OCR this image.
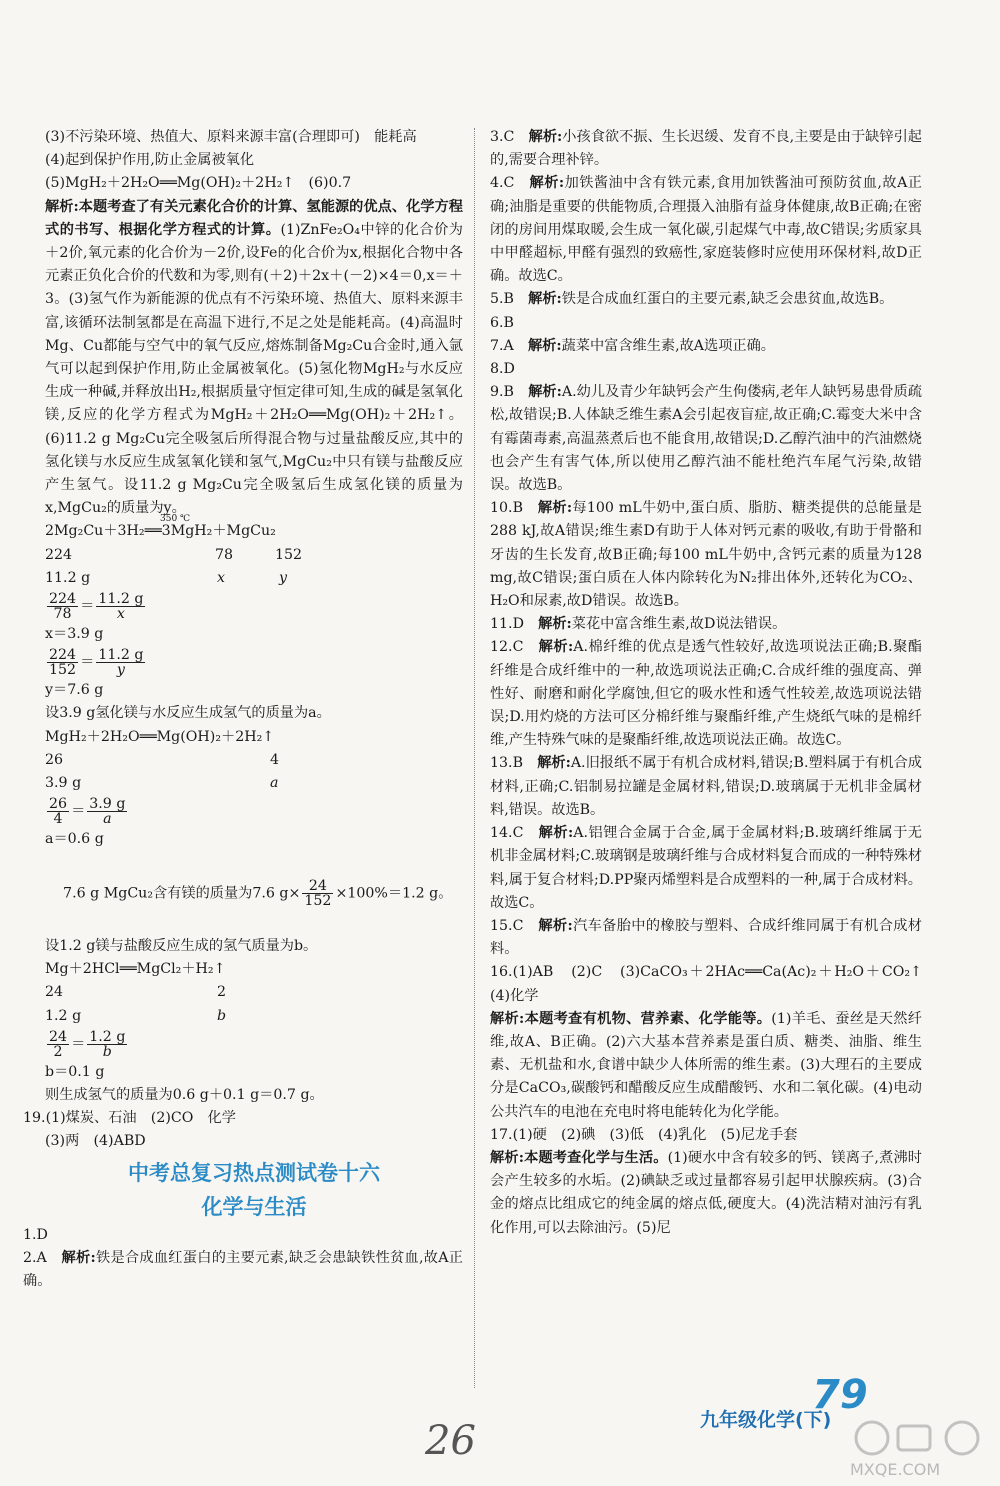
(3)不污染环境、热值大、原料来源丰富(合理即可)　能耗高

(4)起到保护作用,防止金属被氧化

(5)MgH₂＋2H₂O══Mg(OH)₂＋2H₂↑　(6)0.7

解析:本题考查了有关元素化合价的计算、氢能源的优点、化学方程式的书写、根据化学方程式的计算。(1)ZnFe₂O₄中锌的化合价为＋2价,氧元素的化合价为－2价,设Fe的化合价为x,根据化合物中各元素正负化合价的代数和为零,则有(＋2)＋2x＋(－2)×4＝0,x＝＋3。(3)氢气作为新能源的优点有不污染环境、热值大、原料来源丰富,该循环法制氢都是在高温下进行,不足之处是能耗高。(4)高温时Mg、Cu都能与空气中的氧气反应,熔炼制备Mg₂Cu合金时,通入氩气可以起到保护作用,防止金属被氧化。(5)氢化物MgH₂与水反应生成一种碱,并释放出H₂,根据质量守恒定律可知,生成的碱是氢氧化镁,反应的化学方程式为MgH₂＋2H₂O══Mg(OH)₂＋2H₂↑。(6)11.2 g Mg₂Cu完全吸氢后所得混合物与过量盐酸反应,其中的氢化镁与水反应生成氢氧化镁和氢气,MgCu₂中只有镁与盐酸反应产生氢气。设11.2 g Mg₂Cu完全吸氢后生成氢化镁的质量为x,MgCu₂的质量为y。

350 ℃
2Mg₂Cu＋3H₂══3MgH₂＋MgCu₂
224	78	152
11.2 g	x	y
$\frac{224}{78} = \frac{11.2 g}{x}$

x＝3.9 g

$\frac{224}{152} = \frac{11.2 g}{y}$

y＝7.6 g

设3.9 g氢化镁与水反应生成氢气的质量为a。

MgH₂＋2H₂O══Mg(OH)₂＋2H₂↑

26	4
3.9 g	a
$\frac{26}{4} = \frac{3.9 g}{a}$

a＝0.6 g

7.6 g MgCu₂含有镁的质量为7.6 $g\times \frac{24}{152} \times 100\%=1.2$ g。

设1.2 g镁与盐酸反应生成的氢气质量为b。

Mg＋2HCl══MgCl₂＋H₂↑

24	2
1.2 g	b
$\frac{24}{2} = \frac{1.2 g}{b}$

b＝0.1 g

则生成氢气的质量为0.6 g＋0.1 g＝0.7 g。

19.(1)煤炭、石油　(2)CO　化学

(3)两　(4)ABD

中考总复习热点测试卷十六
化学与生活

1.D

2.A　解析:铁是合成血红蛋白的主要元素,缺乏会患缺铁性贫血,故A正确。

3.C　解析:小孩食欲不振、生长迟缓、发育不良,主要是由于缺锌引起的,需要合理补锌。

4.C　解析:加铁酱油中含有铁元素,食用加铁酱油可预防贫血,故A正确;油脂是重要的供能物质,合理摄入油脂有益身体健康,故B正确;在密闭的房间用煤取暖,会生成一氧化碳,引起煤气中毒,故C错误;劣质家具中甲醛超标,甲醛有强烈的致癌性,家庭装修时应使用环保材料,故D正确。故选C。

5.B　解析:铁是合成血红蛋白的主要元素,缺乏会患贫血,故选B。

6.B

7.A　解析:蔬菜中富含维生素,故A选项正确。

8.D

9.B　解析:A.幼儿及青少年缺钙会产生佝偻病,老年人缺钙易患骨质疏松,故错误;B.人体缺乏维生素A会引起夜盲症,故正确;C.霉变大米中含有霉菌毒素,高温蒸煮后也不能食用,故错误;D.乙醇汽油中的汽油燃烧也会产生有害气体,所以使用乙醇汽油不能杜绝汽车尾气污染,故错误。故选B。

10.B　解析:每100 mL牛奶中,蛋白质、脂肪、糖类提供的总能量是288 kJ,故A错误;维生素D有助于人体对钙元素的吸收,有助于骨骼和牙齿的生长发育,故B正确;每100 mL牛奶中,含钙元素的质量为128 mg,故C错误;蛋白质在人体内除转化为N₂排出体外,还转化为CO₂、H₂O和尿素,故D错误。故选B。

11.D　解析:菜花中富含维生素,故D说法错误。

12.C　解析:A.棉纤维的优点是透气性较好,故选项说法正确;B.聚酯纤维是合成纤维中的一种,故选项说法正确;C.合成纤维的强度高、弹性好、耐磨和耐化学腐蚀,但它的吸水性和透气性较差,故选项说法错误;D.用灼烧的方法可区分棉纤维与聚酯纤维,产生烧纸气味的是棉纤维,产生特殊气味的是聚酯纤维,故选项说法正确。故选C。

13.B　解析:A.旧报纸不属于有机合成材料,错误;B.塑料属于有机合成材料,正确;C.铝制易拉罐是金属材料,错误;D.玻璃属于无机非金属材料,错误。故选B。

14.C　解析:A.铝锂合金属于合金,属于金属材料;B.玻璃纤维属于无机非金属材料;C.玻璃钢是玻璃纤维与合成材料复合而成的一种特殊材料,属于复合材料;D.PP聚丙烯塑料是合成塑料的一种,属于合成材料。故选C。

15.C　解析:汽车备胎中的橡胶与塑料、合成纤维同属于有机合成材料。

16.(1)AB　(2)C　(3)CaCO₃＋2HAc══Ca(Ac)₂＋H₂O＋CO₂↑　(4)化学

解析:本题考查有机物、营养素、化学能等。(1)羊毛、蚕丝是天然纤维,故A、B正确。(2)六大基本营养素是蛋白质、糖类、油脂、维生素、无机盐和水,食谱中缺少人体所需的维生素。(3)大理石的主要成分是CaCO₃,碳酸钙和醋酸反应生成醋酸钙、水和二氧化碳。(4)电动公共汽车的电池在充电时将电能转化为化学能。

17.(1)硬　(2)碘　(3)低　(4)乳化　(5)尼龙手套

解析:本题考查化学与生活。(1)硬水中含有较多的钙、镁离子,煮沸时会产生较多的水垢。(2)碘缺乏或过量都容易引起甲状腺疾病。(3)合金的熔点比组成它的纯金属的熔点低,硬度大。(4)洗洁精对油污有乳化作用,可以去除油污。(5)尼

79
九年级化学(下)
26
MXQE.COM
